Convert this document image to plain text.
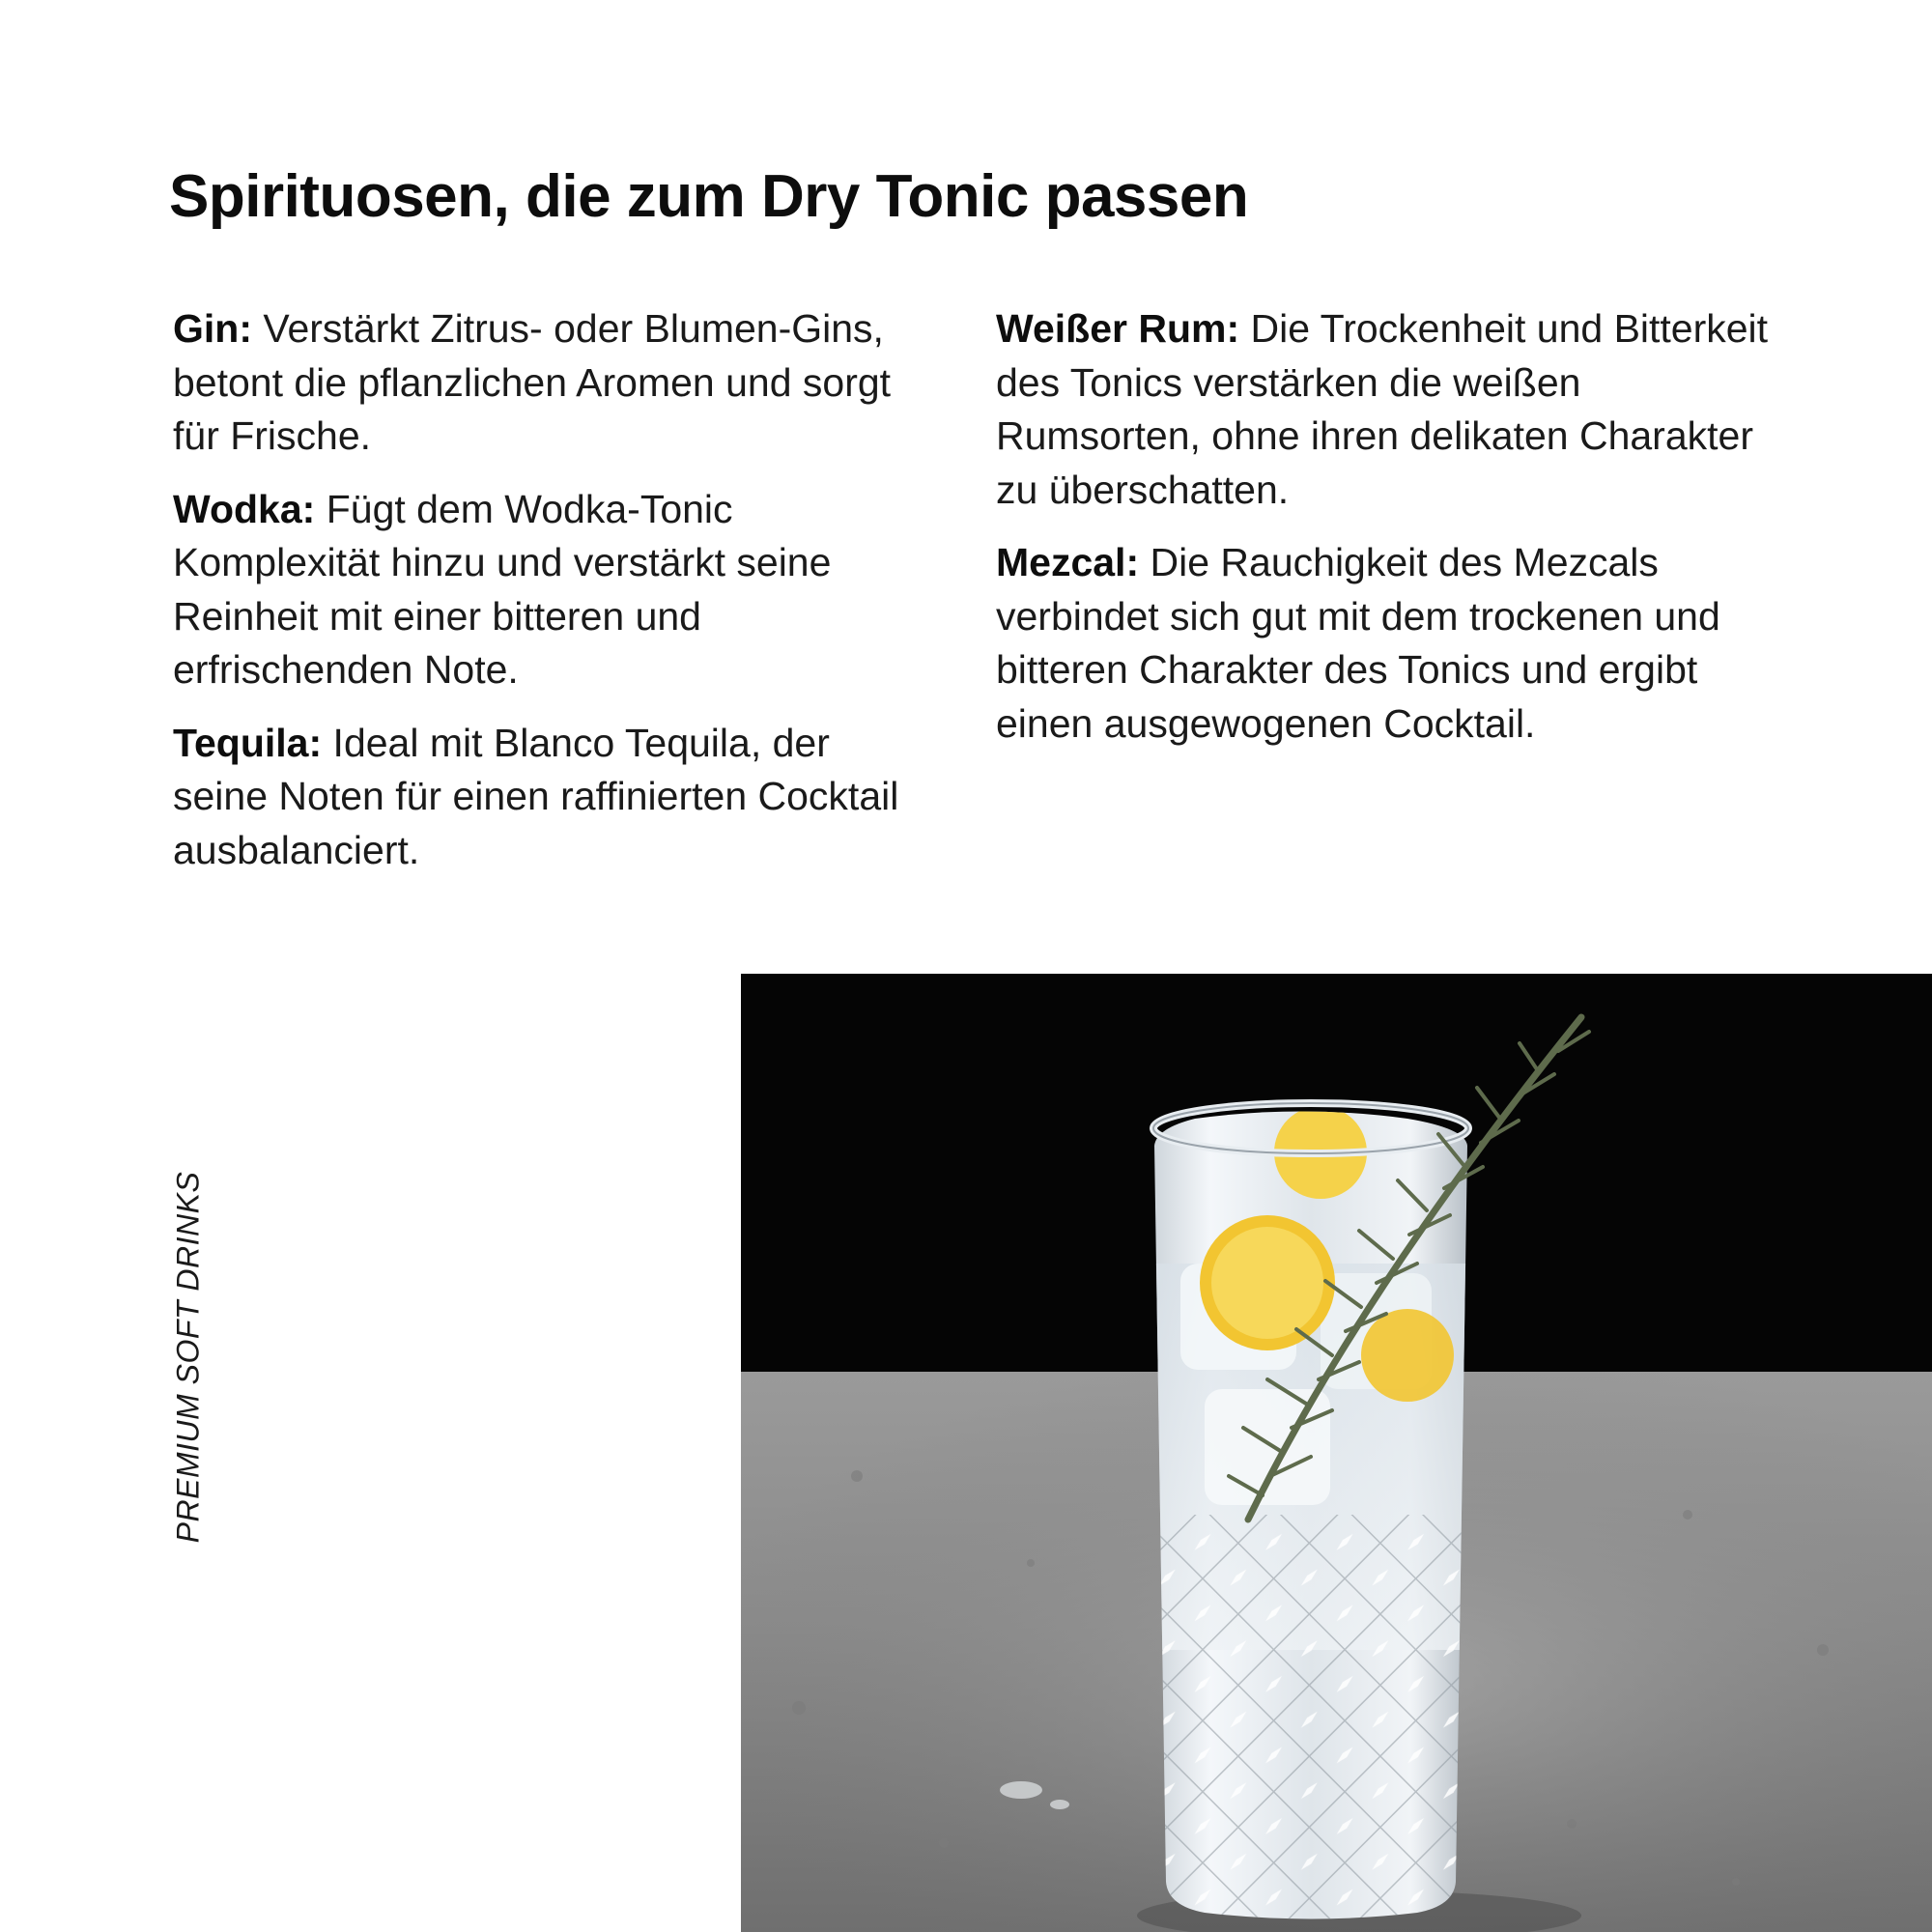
Spirituosen, die zum Dry Tonic passen

Gin: Verstärkt Zitrus- oder Blumen-Gins, betont die pflanzlichen Aromen und sorgt für Frische.

Wodka: Fügt dem Wodka-Tonic Komplexität hinzu und verstärkt seine Reinheit mit einer bitteren und erfrischenden Note.

Tequila: Ideal mit Blanco Tequila, der seine Noten für einen raffinierten Cocktail ausbalanciert.

Weißer Rum: Die Trockenheit und Bitterkeit des Tonics verstärken die weißen Rumsorten, ohne ihren delikaten Charakter zu überschatten.

Mezcal: Die Rauchigkeit des Mezcals verbindet sich gut mit dem trockenen und bitteren Charakter des Tonics und ergibt einen ausgewogenen Cocktail.

PREMIUM SOFT DRINKS
